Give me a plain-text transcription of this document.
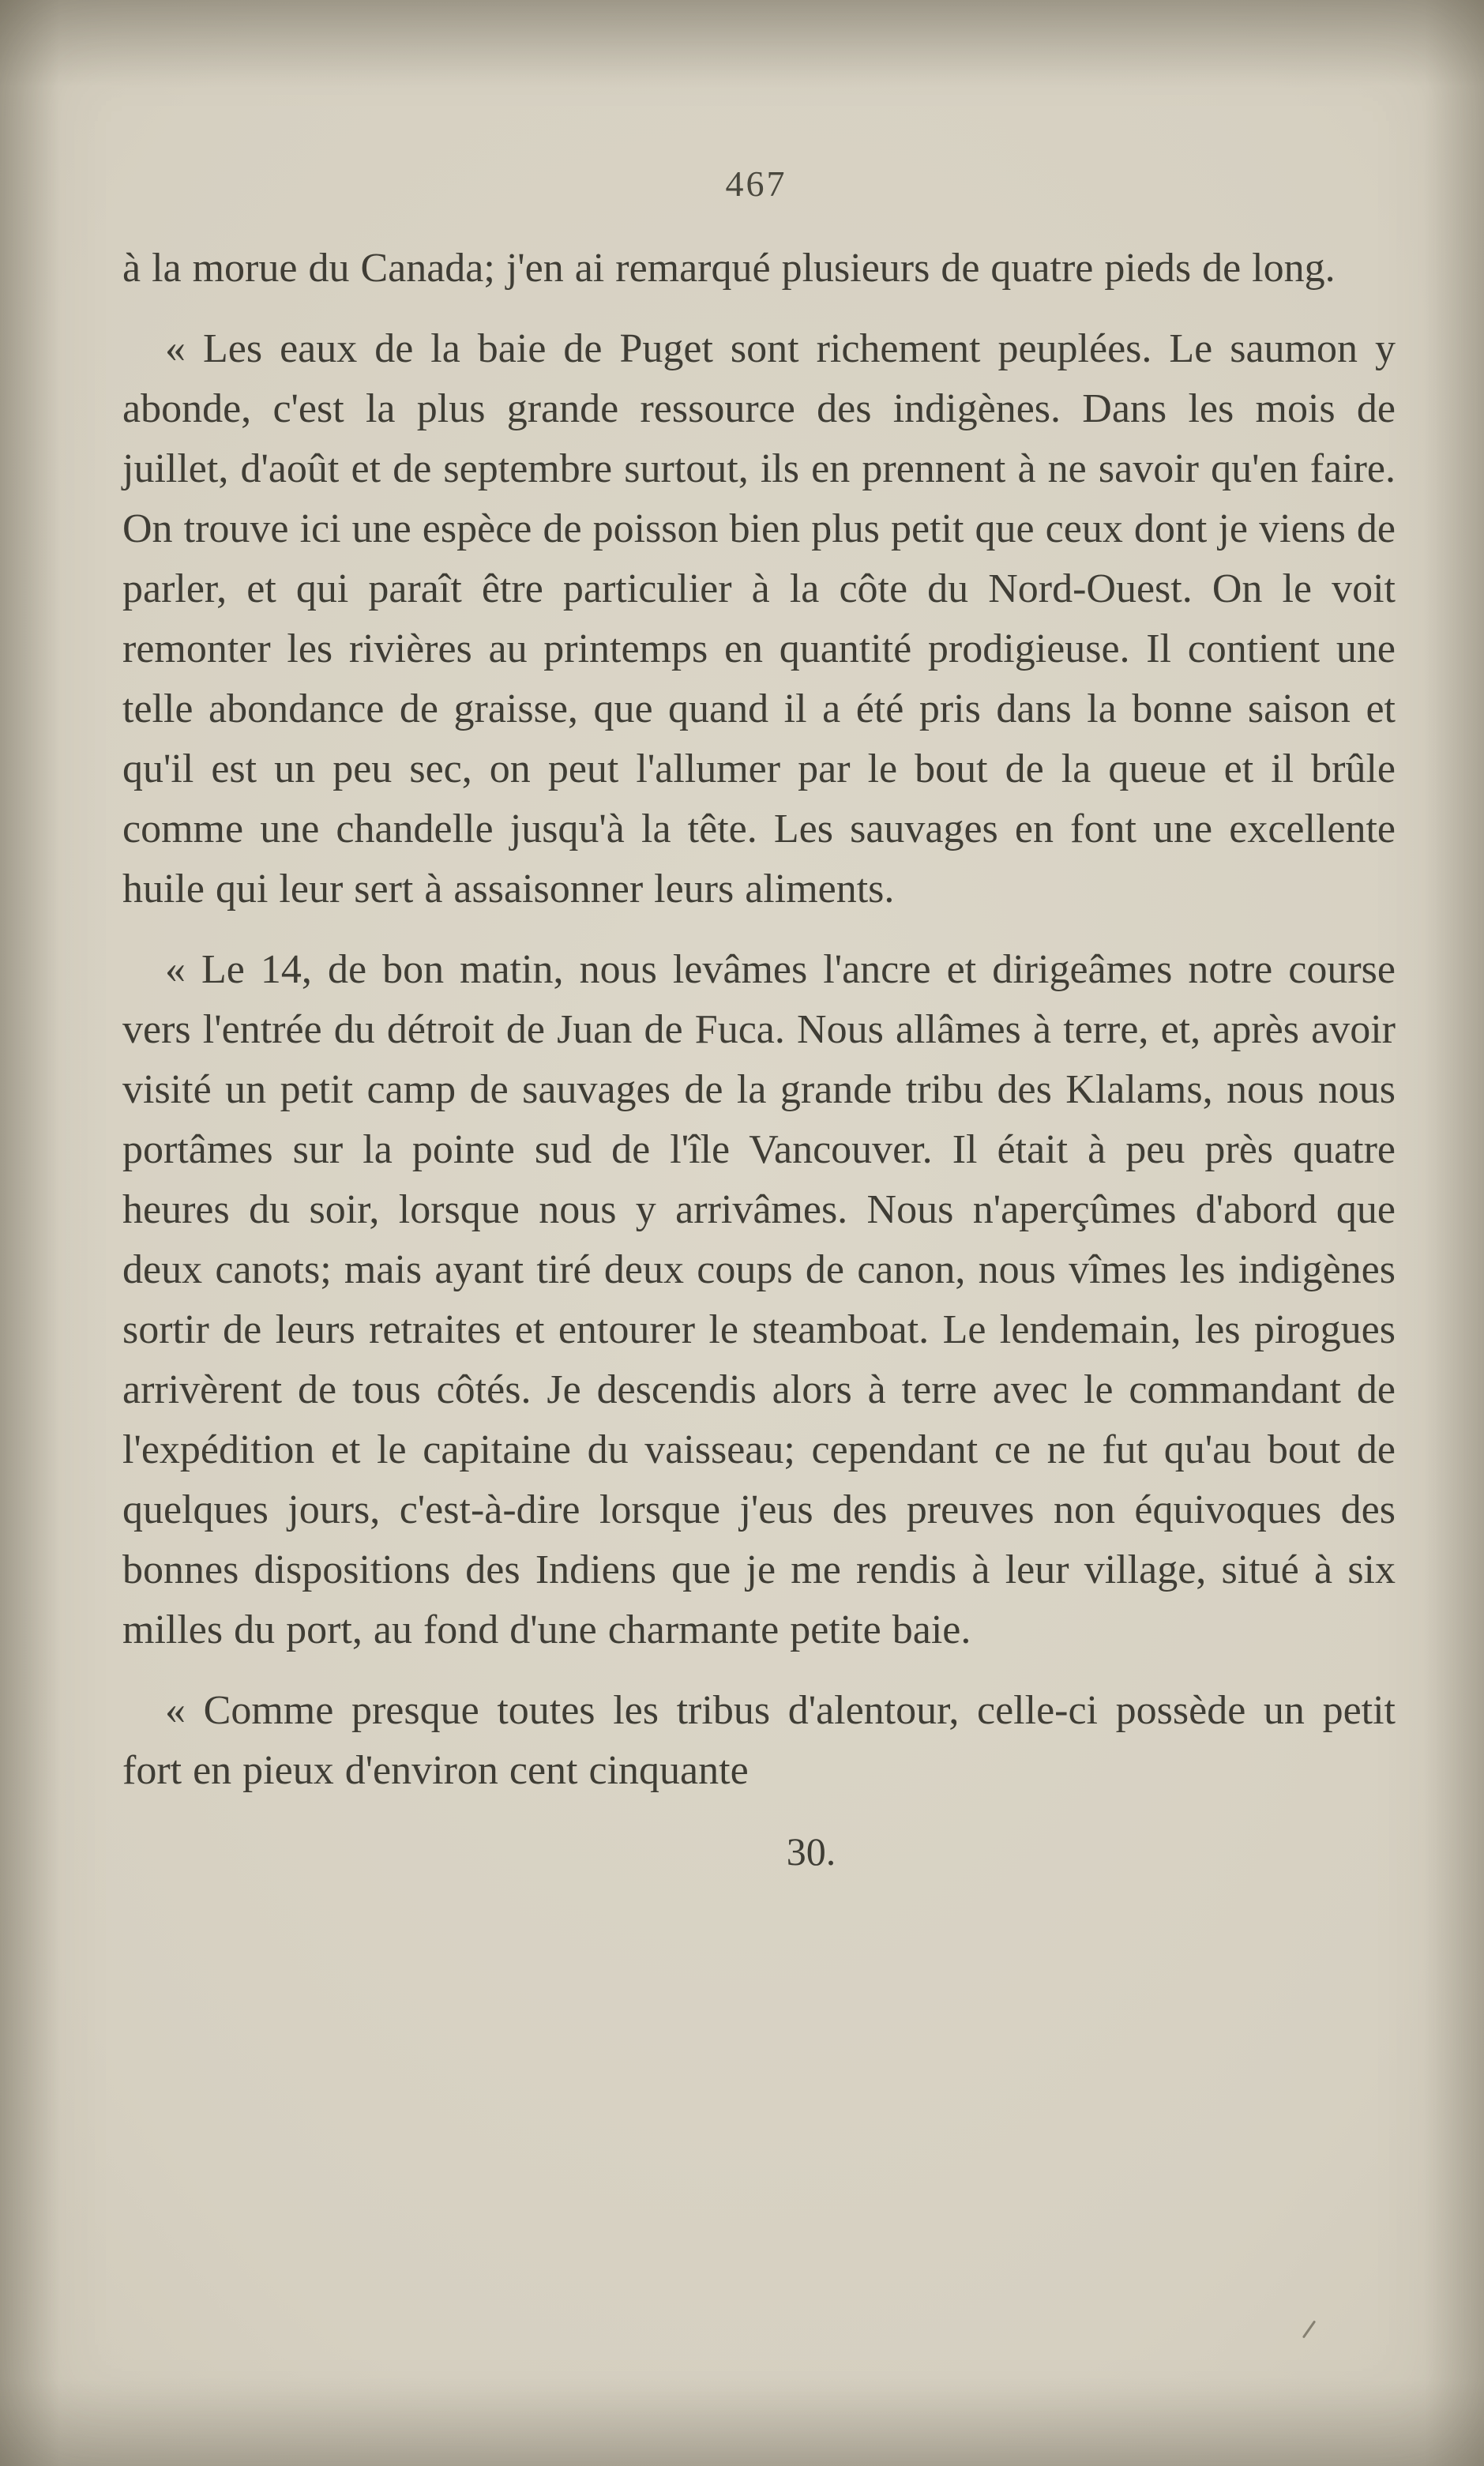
467

à la morue du Canada; j'en ai remarqué plusieurs de quatre pieds de long.

« Les eaux de la baie de Puget sont richement peuplées. Le saumon y abonde, c'est la plus grande ressource des indigènes. Dans les mois de juillet, d'août et de septembre surtout, ils en prennent à ne savoir qu'en faire. On trouve ici une espèce de poisson bien plus petit que ceux dont je viens de parler, et qui paraît être particulier à la côte du Nord-Ouest. On le voit remonter les rivières au printemps en quantité prodigieuse. Il contient une telle abondance de graisse, que quand il a été pris dans la bonne saison et qu'il est un peu sec, on peut l'allumer par le bout de la queue et il brûle comme une chandelle jusqu'à la tête. Les sauvages en font une excellente huile qui leur sert à assaisonner leurs aliments.

« Le 14, de bon matin, nous levâmes l'ancre et dirigeâmes notre course vers l'entrée du détroit de Juan de Fuca. Nous allâmes à terre, et, après avoir visité un petit camp de sauvages de la grande tribu des Klalams, nous nous portâmes sur la pointe sud de l'île Vancouver. Il était à peu près quatre heures du soir, lorsque nous y arrivâmes. Nous n'aperçûmes d'abord que deux canots; mais ayant tiré deux coups de canon, nous vîmes les indigènes sortir de leurs retraites et entourer le steamboat. Le lendemain, les pirogues arrivèrent de tous côtés. Je descendis alors à terre avec le commandant de l'expédition et le capitaine du vaisseau; cependant ce ne fut qu'au bout de quelques jours, c'est-à-dire lorsque j'eus des preuves non équivoques des bonnes dispositions des Indiens que je me rendis à leur village, situé à six milles du port, au fond d'une charmante petite baie.

« Comme presque toutes les tribus d'alentour, celle-ci possède un petit fort en pieux d'environ cent cinquante

30.
